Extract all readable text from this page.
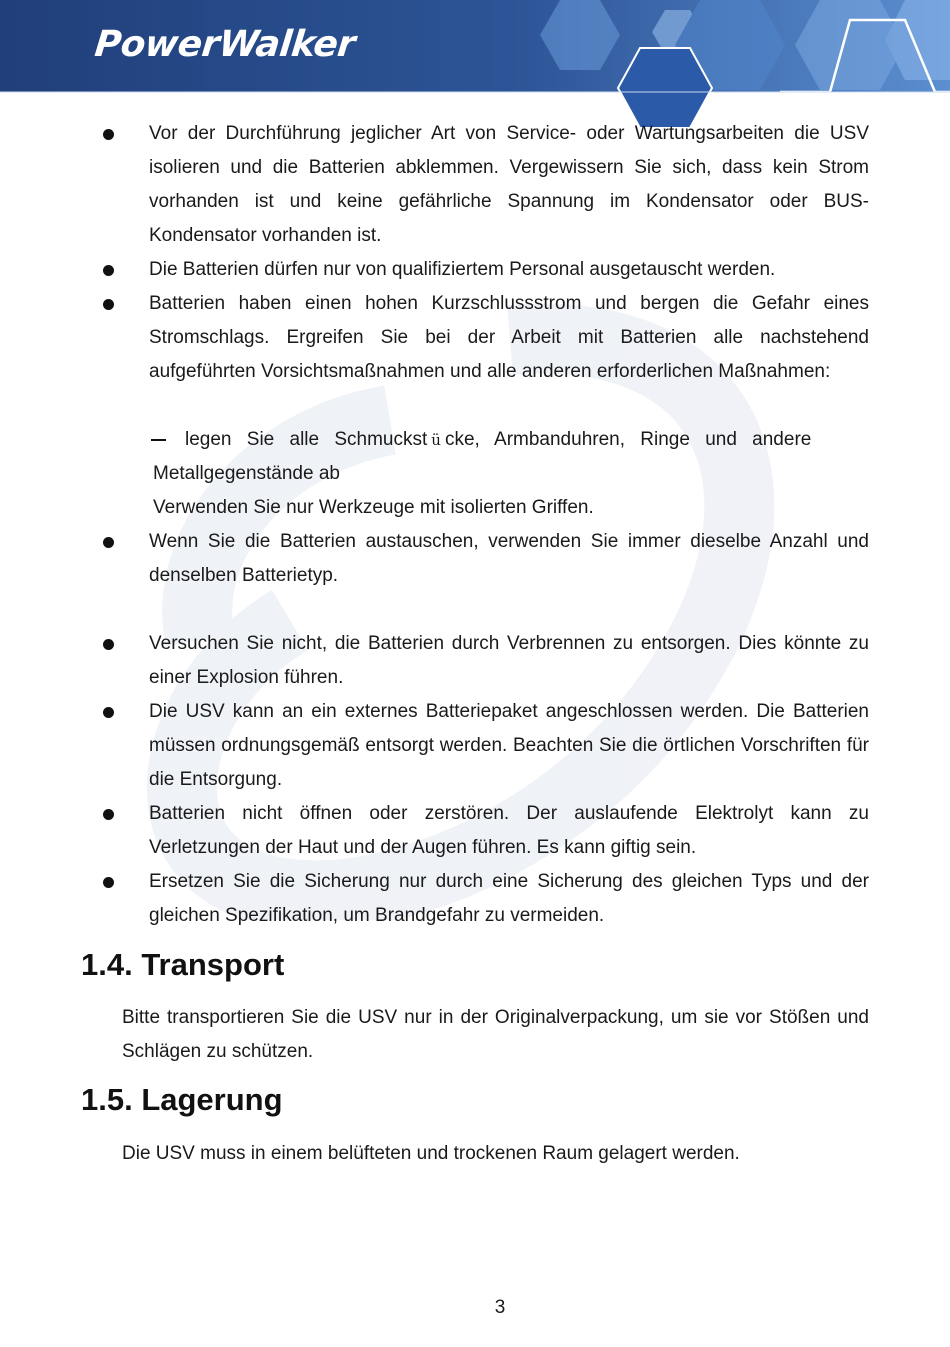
PowerWalker
Vor der Durchführung jeglicher Art von Service- oder Wartungsarbeiten die USV isolieren und die Batterien abklemmen. Vergewissern Sie sich, dass kein Strom vorhanden ist und keine gefährliche Spannung im Kondensator oder BUS-Kondensator vorhanden ist.
Die Batterien dürfen nur von qualifiziertem Personal ausgetauscht werden.
Batterien haben einen hohen Kurzschlussstrom und bergen die Gefahr eines Stromschlags. Ergreifen Sie bei der Arbeit mit Batterien alle nachstehend aufgeführten Vorsichtsmaßnahmen und alle anderen erforderlichen Maßnahmen:
legen Sie alle Schmuckst ü cke, Armbanduhren, Ringe und andere
Metallgegenstände ab
Verwenden Sie nur Werkzeuge mit isolierten Griffen.
Wenn Sie die Batterien austauschen, verwenden Sie immer dieselbe Anzahl und denselben Batterietyp.
Versuchen Sie nicht, die Batterien durch Verbrennen zu entsorgen. Dies könnte zu einer Explosion führen.
Die USV kann an ein externes Batteriepaket angeschlossen werden. Die Batterien müssen ordnungsgemäß entsorgt werden. Beachten Sie die örtlichen Vorschriften für die Entsorgung.
Batterien nicht öffnen oder zerstören. Der auslaufende Elektrolyt kann zu Verletzungen der Haut und der Augen führen. Es kann giftig sein.
Ersetzen Sie die Sicherung nur durch eine Sicherung des gleichen Typs und der gleichen Spezifikation, um Brandgefahr zu vermeiden.
1.4. Transport
Bitte transportieren Sie die USV nur in der Originalverpackung, um sie vor Stößen und Schlägen zu schützen.
1.5. Lagerung
Die USV muss in einem belüfteten und trockenen Raum gelagert werden.
3
